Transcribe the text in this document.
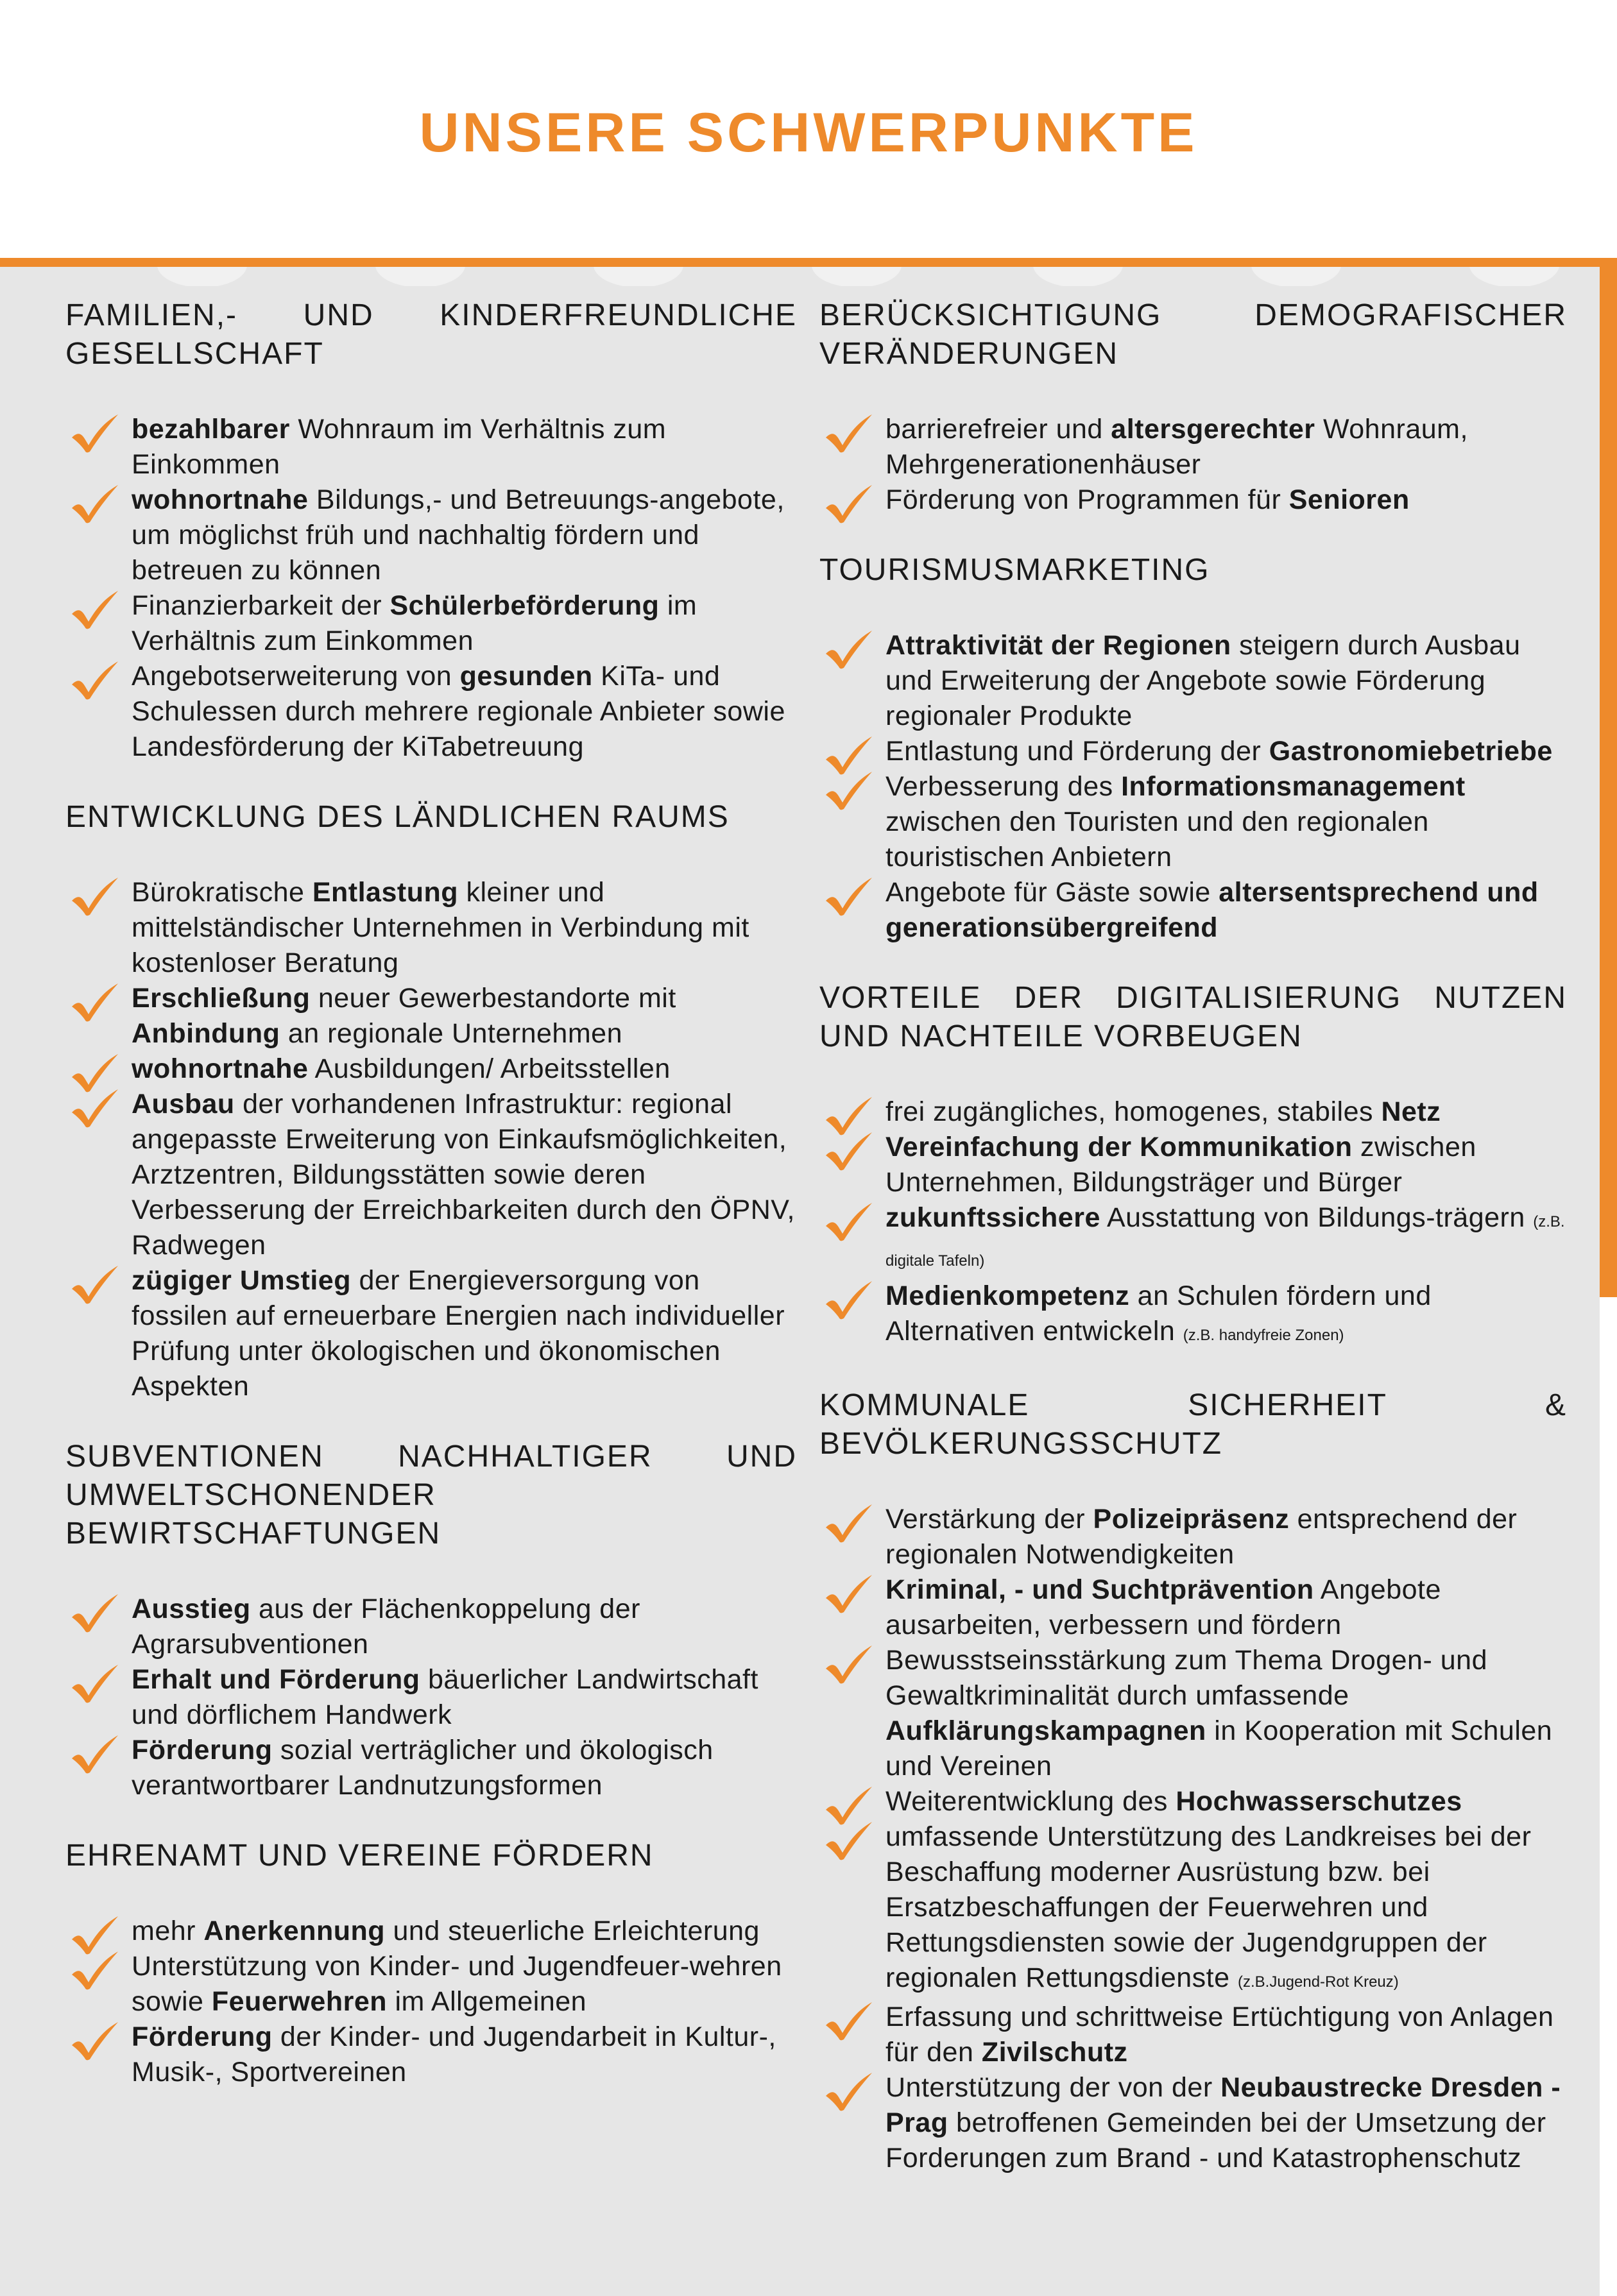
UNSERE SCHWERPUNKTE
FAMILIEN,- UND KINDERFREUNDLICHE GESELLSCHAFT
bezahlbarer Wohnraum im Verhältnis zum Einkommen
wohnortnahe Bildungs,- und Betreuungs-angebote, um möglichst früh und nachhaltig fördern und betreuen zu können
Finanzierbarkeit der Schülerbeförderung im Verhältnis zum Einkommen
Angebotserweiterung von gesunden KiTa- und Schulessen durch mehrere regionale Anbieter sowie Landesförderung der KiTabetreuung
ENTWICKLUNG DES LÄNDLICHEN RAUMS
Bürokratische Entlastung kleiner und mittelständischer Unternehmen in Verbindung mit kostenloser Beratung
Erschließung neuer Gewerbestandorte mit Anbindung an regionale Unternehmen
wohnortnahe Ausbildungen/ Arbeitsstellen
Ausbau der vorhandenen Infrastruktur: regional angepasste Erweiterung von Einkaufsmöglichkeiten, Arztzentren, Bildungsstätten sowie deren Verbesserung der Erreichbarkeiten durch den ÖPNV, Radwegen
zügiger Umstieg der Energieversorgung von fossilen auf erneuerbare Energien nach individueller Prüfung unter ökologischen und ökonomischen Aspekten
SUBVENTIONEN NACHHALTIGER UND UMWELTSCHONENDER BEWIRTSCHAFTUNGEN
Ausstieg aus der Flächenkoppelung der Agrarsubventionen
Erhalt und Förderung bäuerlicher Landwirtschaft und dörflichem Handwerk
Förderung sozial verträglicher und ökologisch verantwortbarer Landnutzungsformen
EHRENAMT UND VEREINE FÖRDERN
mehr Anerkennung und steuerliche Erleichterung
Unterstützung von Kinder- und Jugendfeuer-wehren sowie Feuerwehren im Allgemeinen
Förderung der Kinder- und Jugendarbeit in Kultur-, Musik-, Sportvereinen
BERÜCKSICHTIGUNG DEMOGRAFISCHER VERÄNDERUNGEN
barrierefreier und altersgerechter Wohnraum, Mehrgenerationenhäuser
Förderung von Programmen für Senioren
TOURISMUSMARKETING
Attraktivität der Regionen steigern durch Ausbau und Erweiterung der Angebote sowie Förderung regionaler Produkte
Entlastung und Förderung der Gastronomiebetriebe
Verbesserung des Informationsmanagement zwischen den Touristen und den regionalen touristischen Anbietern
Angebote für Gäste sowie altersentsprechend und generationsübergreifend
VORTEILE DER DIGITALISIERUNG NUTZEN UND NACHTEILE VORBEUGEN
frei zugängliches, homogenes, stabiles Netz
Vereinfachung der Kommunikation zwischen Unternehmen, Bildungsträger und Bürger
zukunftssichere Ausstattung von Bildungs-trägern (z.B. digitale Tafeln)
Medienkompetenz an Schulen fördern und Alternativen entwickeln (z.B. handyfreie Zonen)
KOMMUNALE SICHERHEIT & BEVÖLKERUNGSSCHUTZ
Verstärkung der Polizeipräsenz entsprechend der regionalen Notwendigkeiten
Kriminal, - und Suchtprävention Angebote ausarbeiten, verbessern und fördern
Bewusstseinsstärkung zum Thema Drogen- und Gewaltkriminalität durch umfassende Aufklärungskampagnen in Kooperation mit Schulen und Vereinen
Weiterentwicklung des Hochwasserschutzes
umfassende Unterstützung des Landkreises bei der Beschaffung moderner Ausrüstung bzw. bei Ersatzbeschaffungen der Feuerwehren und Rettungsdiensten sowie der Jugendgruppen der regionalen Rettungsdienste (z.B.Jugend-Rot Kreuz)
Erfassung und schrittweise Ertüchtigung von Anlagen für den Zivilschutz
Unterstützung der von der Neubaustrecke Dresden - Prag betroffenen Gemeinden bei der Umsetzung der Forderungen zum Brand - und Katastrophenschutz
